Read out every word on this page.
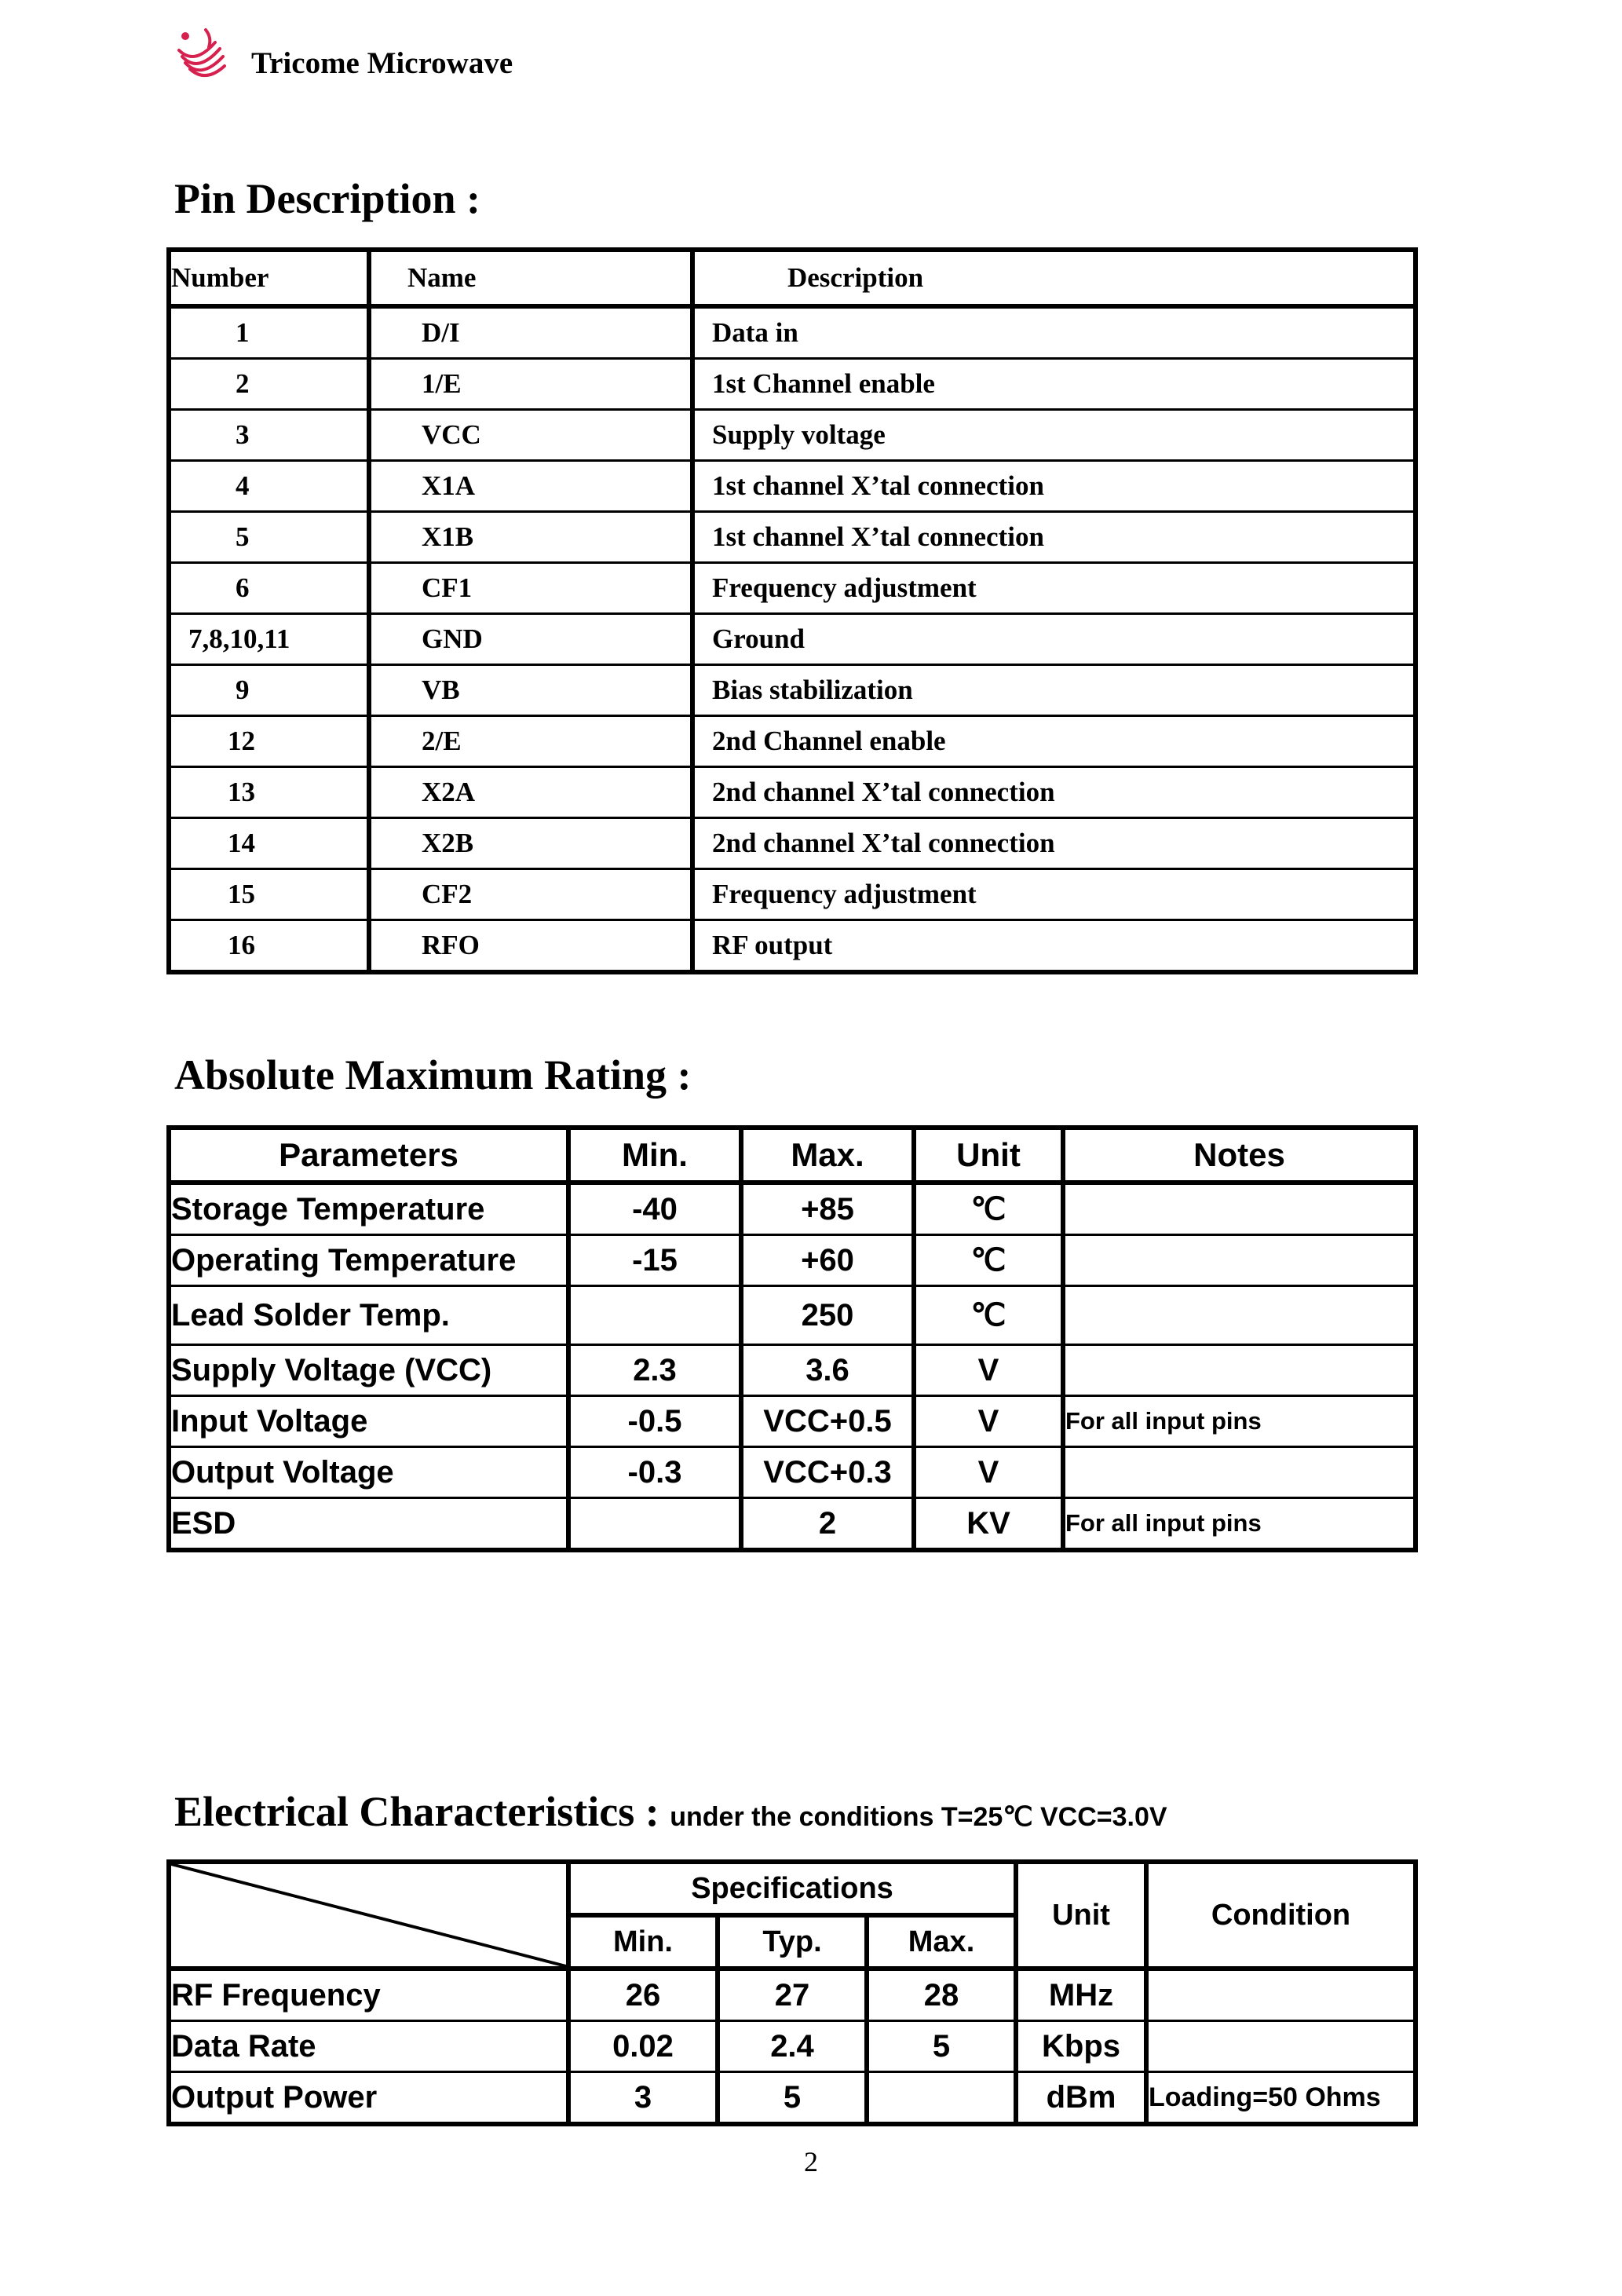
Tricome Microwave
Pin Description :
Number	Name	Description
1	D/I	Data in
2	1/E	1st Channel enable
3	VCC	Supply voltage
4	X1A	1st channel X’tal connection
5	X1B	1st channel X’tal connection
6	CF1	Frequency adjustment
7,8,10,11	GND	Ground
9	VB	Bias stabilization
12	2/E	2nd Channel enable
13	X2A	2nd channel X’tal connection
14	X2B	2nd channel X’tal connection
15	CF2	Frequency adjustment
16	RFO	RF output
Absolute Maximum Rating :
Parameters	Min.	Max.	Unit	Notes
Storage Temperature	-40	+85	℃	
Operating Temperature	-15	+60	℃	
Lead Solder Temp.		250	℃	
Supply Voltage (VCC)	2.3	3.6	V	
Input Voltage	-0.5	VCC+0.5	V	For all input pins
Output Voltage	-0.3	VCC+0.3	V	
ESD		2	KV	For all input pins
Electrical Characteristics : under the conditions T=25℃ VCC=3.0V
	Specifications			Unit	Condition
	Min.	Typ.	Max.		
RF Frequency	26	27	28	MHz	
Data Rate	0.02	2.4	5	Kbps	
Output Power	3	5		dBm	Loading=50 Ohms
2
